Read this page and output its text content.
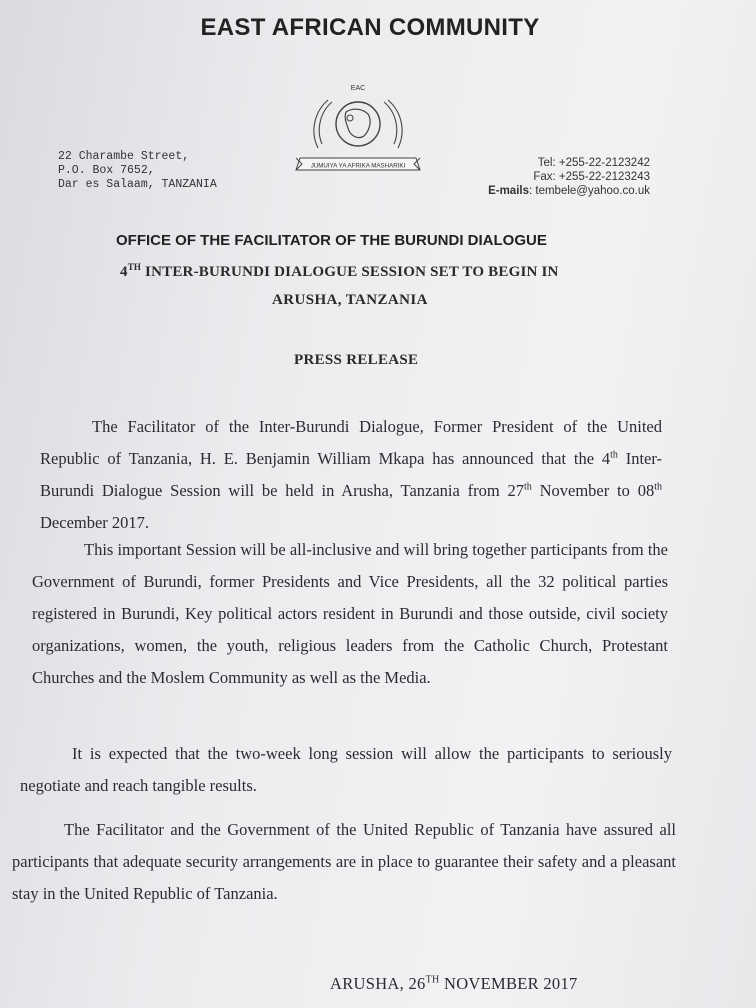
EAST AFRICAN COMMUNITY
EAC
JUMUIYA YA AFRIKA MASHARIKI
22 Charambe Street,
P.O. Box 7652,
Dar es Salaam, TANZANIA
Tel: +255-22-2123242
Fax: +255-22-2123243
E-mails: tembele@yahoo.co.uk
OFFICE OF THE FACILITATOR OF THE BURUNDI DIALOGUE
4TH INTER-BURUNDI DIALOGUE SESSION SET TO BEGIN IN
ARUSHA, TANZANIA
PRESS RELEASE
The Facilitator of the Inter-Burundi Dialogue, Former President of the United Republic of Tanzania, H. E. Benjamin William Mkapa has announced that the 4th Inter-Burundi Dialogue Session will be held in Arusha, Tanzania from 27th November to 08th December 2017.
This important Session will be all-inclusive and will bring together participants from the Government of Burundi, former Presidents and Vice Presidents, all the 32 political parties registered in Burundi, Key political actors resident in Burundi and those outside, civil society organizations, women, the youth, religious leaders from the Catholic Church, Protestant Churches and the Moslem Community as well as the Media.
It is expected that the two-week long session will allow the participants to seriously negotiate and reach tangible results.
The Facilitator and the Government of the United Republic of Tanzania have assured all participants that adequate security arrangements are in place to guarantee their safety and a pleasant stay in the United Republic of Tanzania.
ARUSHA, 26TH NOVEMBER 2017
